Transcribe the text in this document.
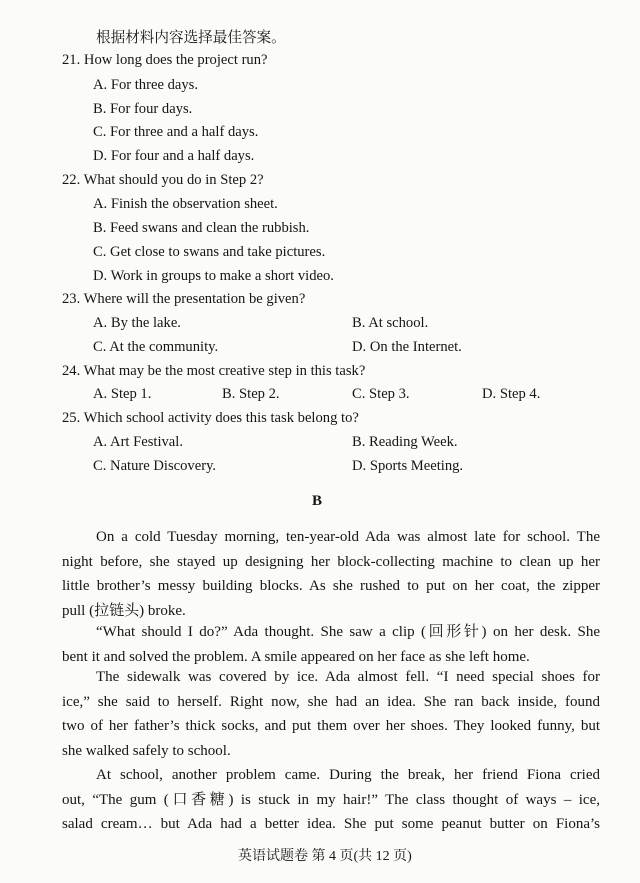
根据材料内容选择最佳答案。
21. How long does the project run?
A. For three days.
B. For four days.
C. For three and a half days.
D. For four and a half days.
22. What should you do in Step 2?
A. Finish the observation sheet.
B. Feed swans and clean the rubbish.
C. Get close to swans and take pictures.
D. Work in groups to make a short video.
23. Where will the presentation be given?
A. By the lake.	B. At school.
C. At the community.	D. On the Internet.
24. What may be the most creative step in this task?
A. Step 1.	B. Step 2.	C. Step 3.	D. Step 4.
25. Which school activity does this task belong to?
A. Art Festival.	B. Reading Week.
C. Nature Discovery.	D. Sports Meeting.
B
On a cold Tuesday morning, ten-year-old Ada was almost late for school. The
night before, she stayed up designing her block-collecting machine to clean up her
little brother’s messy building blocks. As she rushed to put on her coat, the zipper
pull (拉链头) broke.
“What should I do?” Ada thought. She saw a clip (回形针) on her desk. She
bent it and solved the problem. A smile appeared on her face as she left home.
The sidewalk was covered by ice. Ada almost fell. “I need special shoes for
ice,” she said to herself. Right now, she had an idea. She ran back inside, found
two of her father’s thick socks, and put them over her shoes. They looked funny, but
she walked safely to school.
At school, another problem came. During the break, her friend Fiona cried
out, “The gum (口香糖) is stuck in my hair!” The class thought of ways – ice,
salad cream… but Ada had a better idea. She put some peanut butter on Fiona’s
英语试题卷 第 4 页(共 12 页)
